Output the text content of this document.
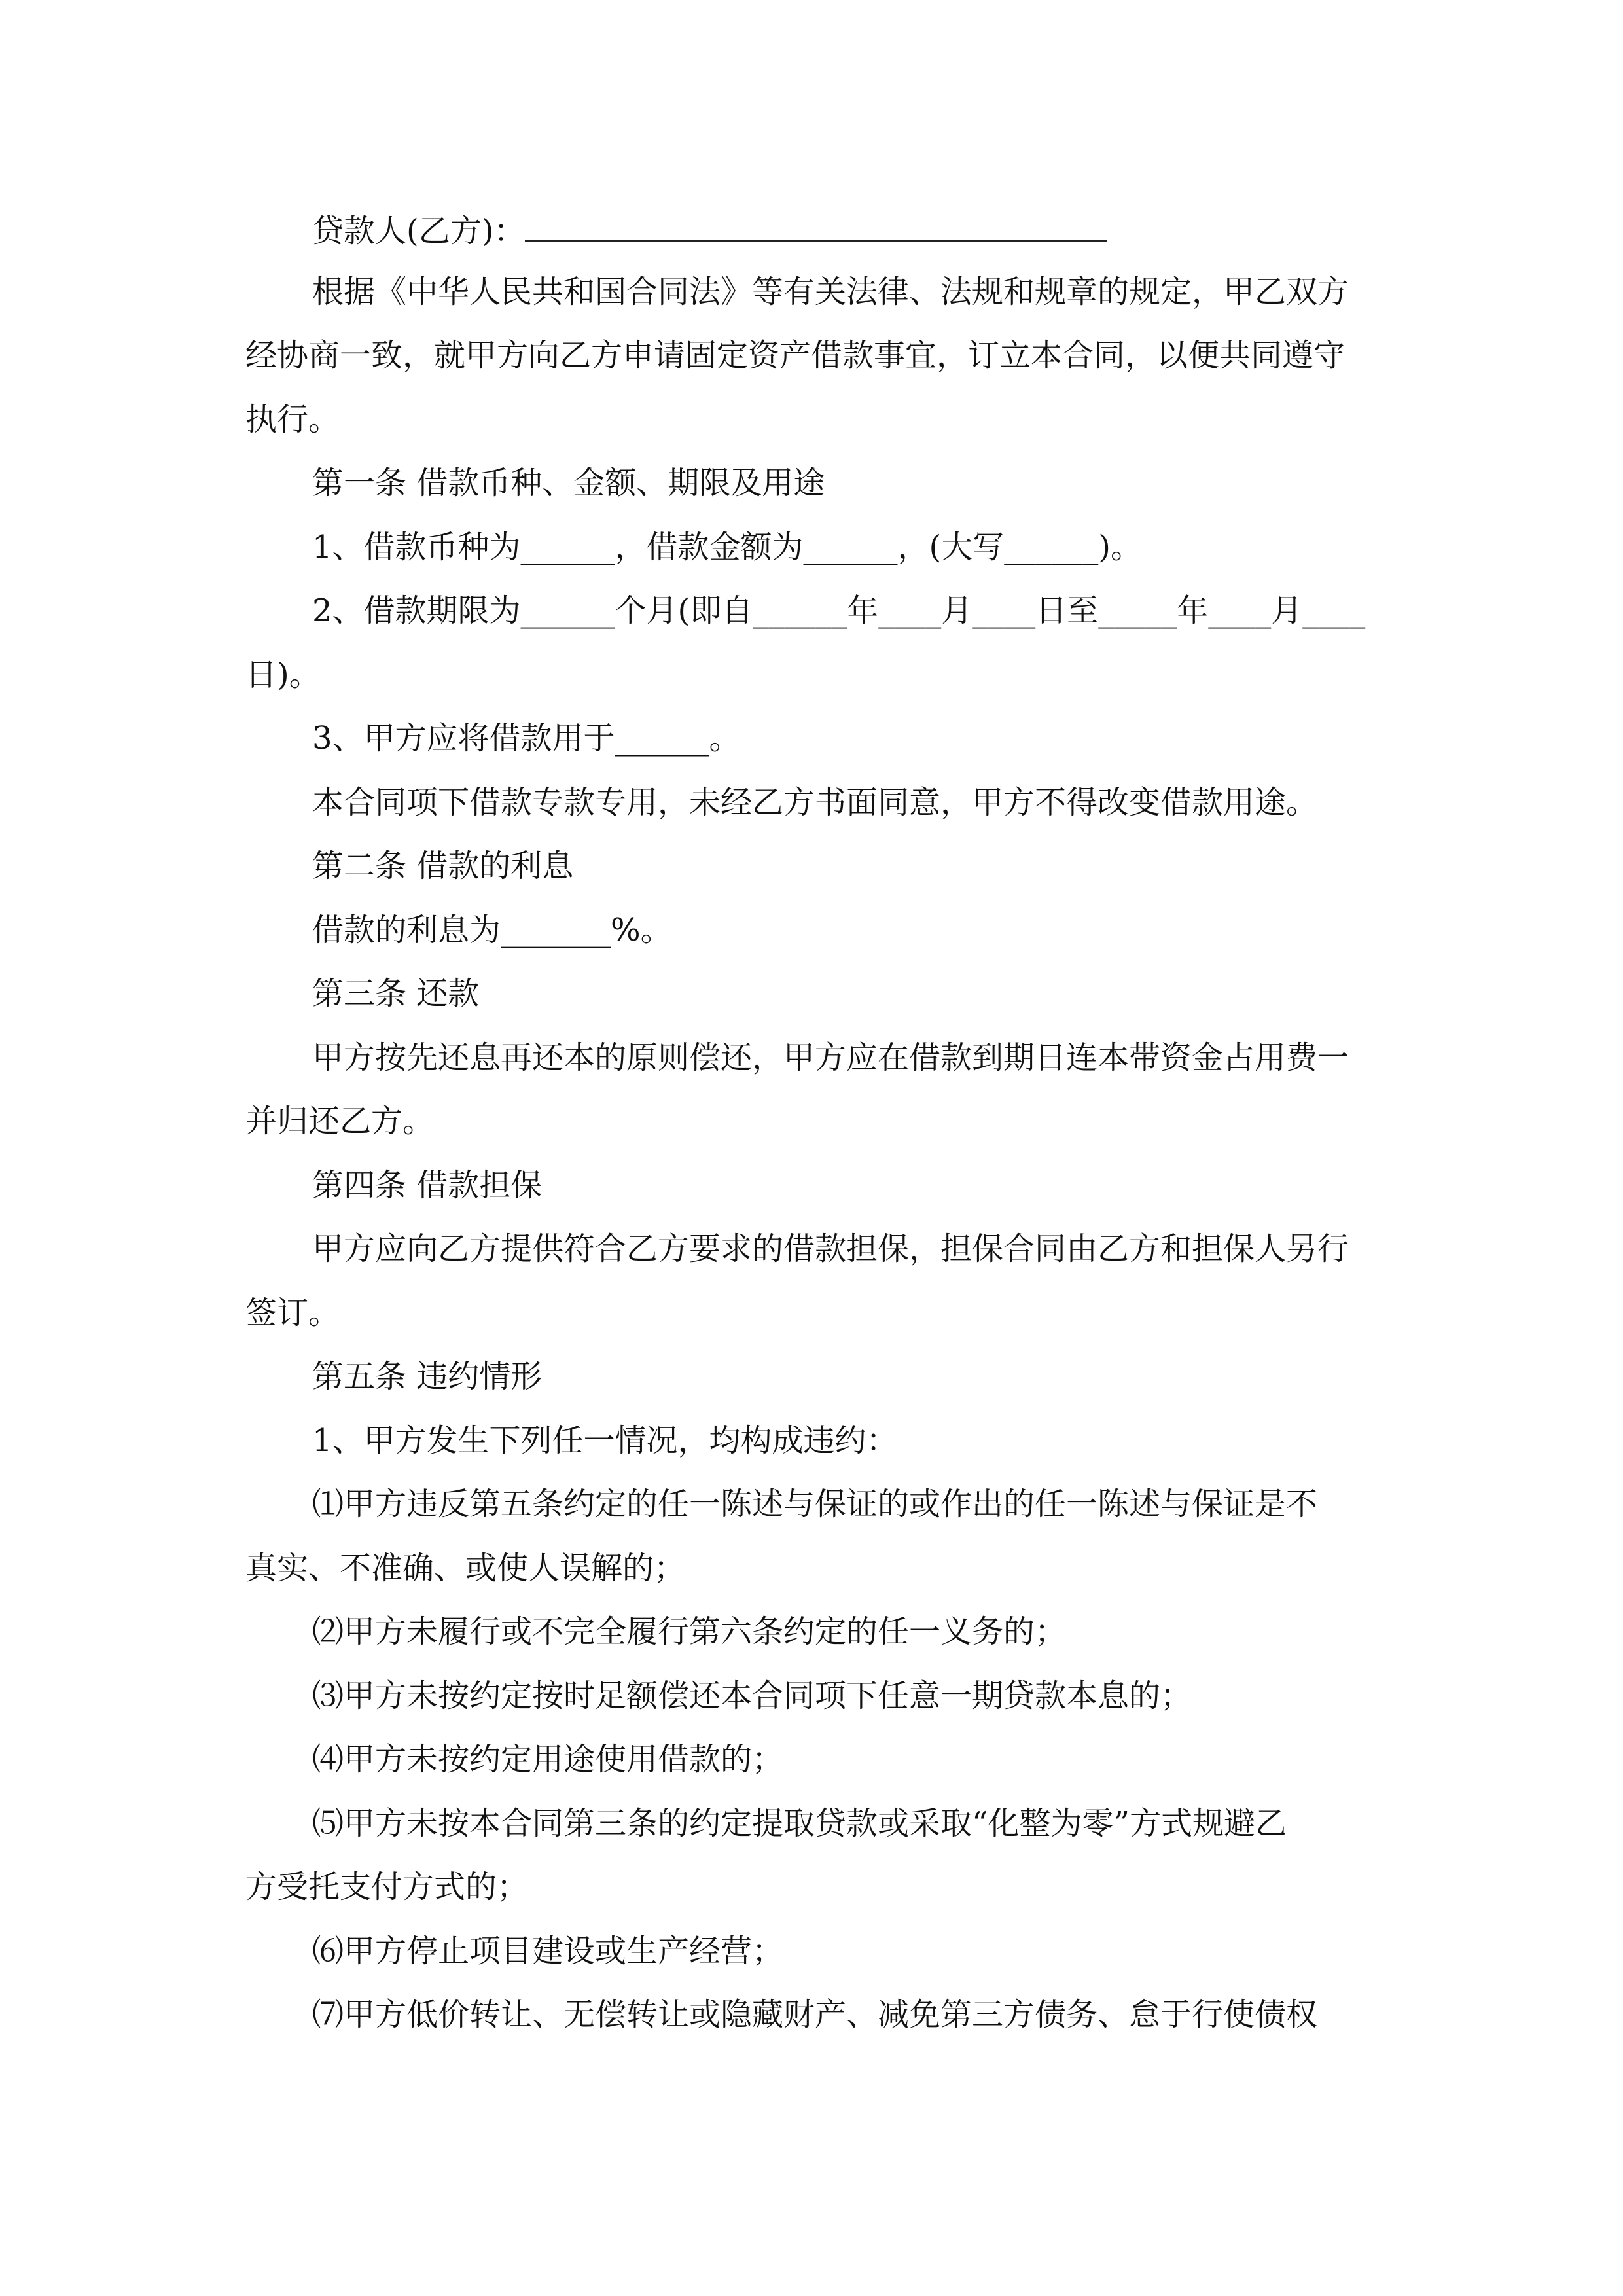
贷款人(乙方)：
根据《中华人民共和国合同法》等有关法律、法规和规章的规定，甲乙双方
经协商一致，就甲方向乙方申请固定资产借款事宜，订立本合同，以便共同遵守
执行。
第一条 借款币种、金额、期限及用途
1、借款币种为______，借款金额为______，(大写______)。
2、借款期限为______个月(即自______年____月____日至_____年____月____
日)。
3、甲方应将借款用于______。
本合同项下借款专款专用，未经乙方书面同意，甲方不得改变借款用途。
第二条 借款的利息
借款的利息为_______%。
第三条 还款
甲方按先还息再还本的原则偿还，甲方应在借款到期日连本带资金占用费一
并归还乙方。
第四条 借款担保
甲方应向乙方提供符合乙方要求的借款担保，担保合同由乙方和担保人另行
签订。
第五条 违约情形
1、甲方发生下列任一情况，均构成违约：
⑴甲方违反第五条约定的任一陈述与保证的或作出的任一陈述与保证是不
真实、不准确、或使人误解的；
⑵甲方未履行或不完全履行第六条约定的任一义务的；
⑶甲方未按约定按时足额偿还本合同项下任意一期贷款本息的；
⑷甲方未按约定用途使用借款的；
⑸甲方未按本合同第三条的约定提取贷款或采取“化整为零”方式规避乙
方受托支付方式的；
⑹甲方停止项目建设或生产经营；
⑺甲方低价转让、无偿转让或隐藏财产、减免第三方债务、怠于行使债权
